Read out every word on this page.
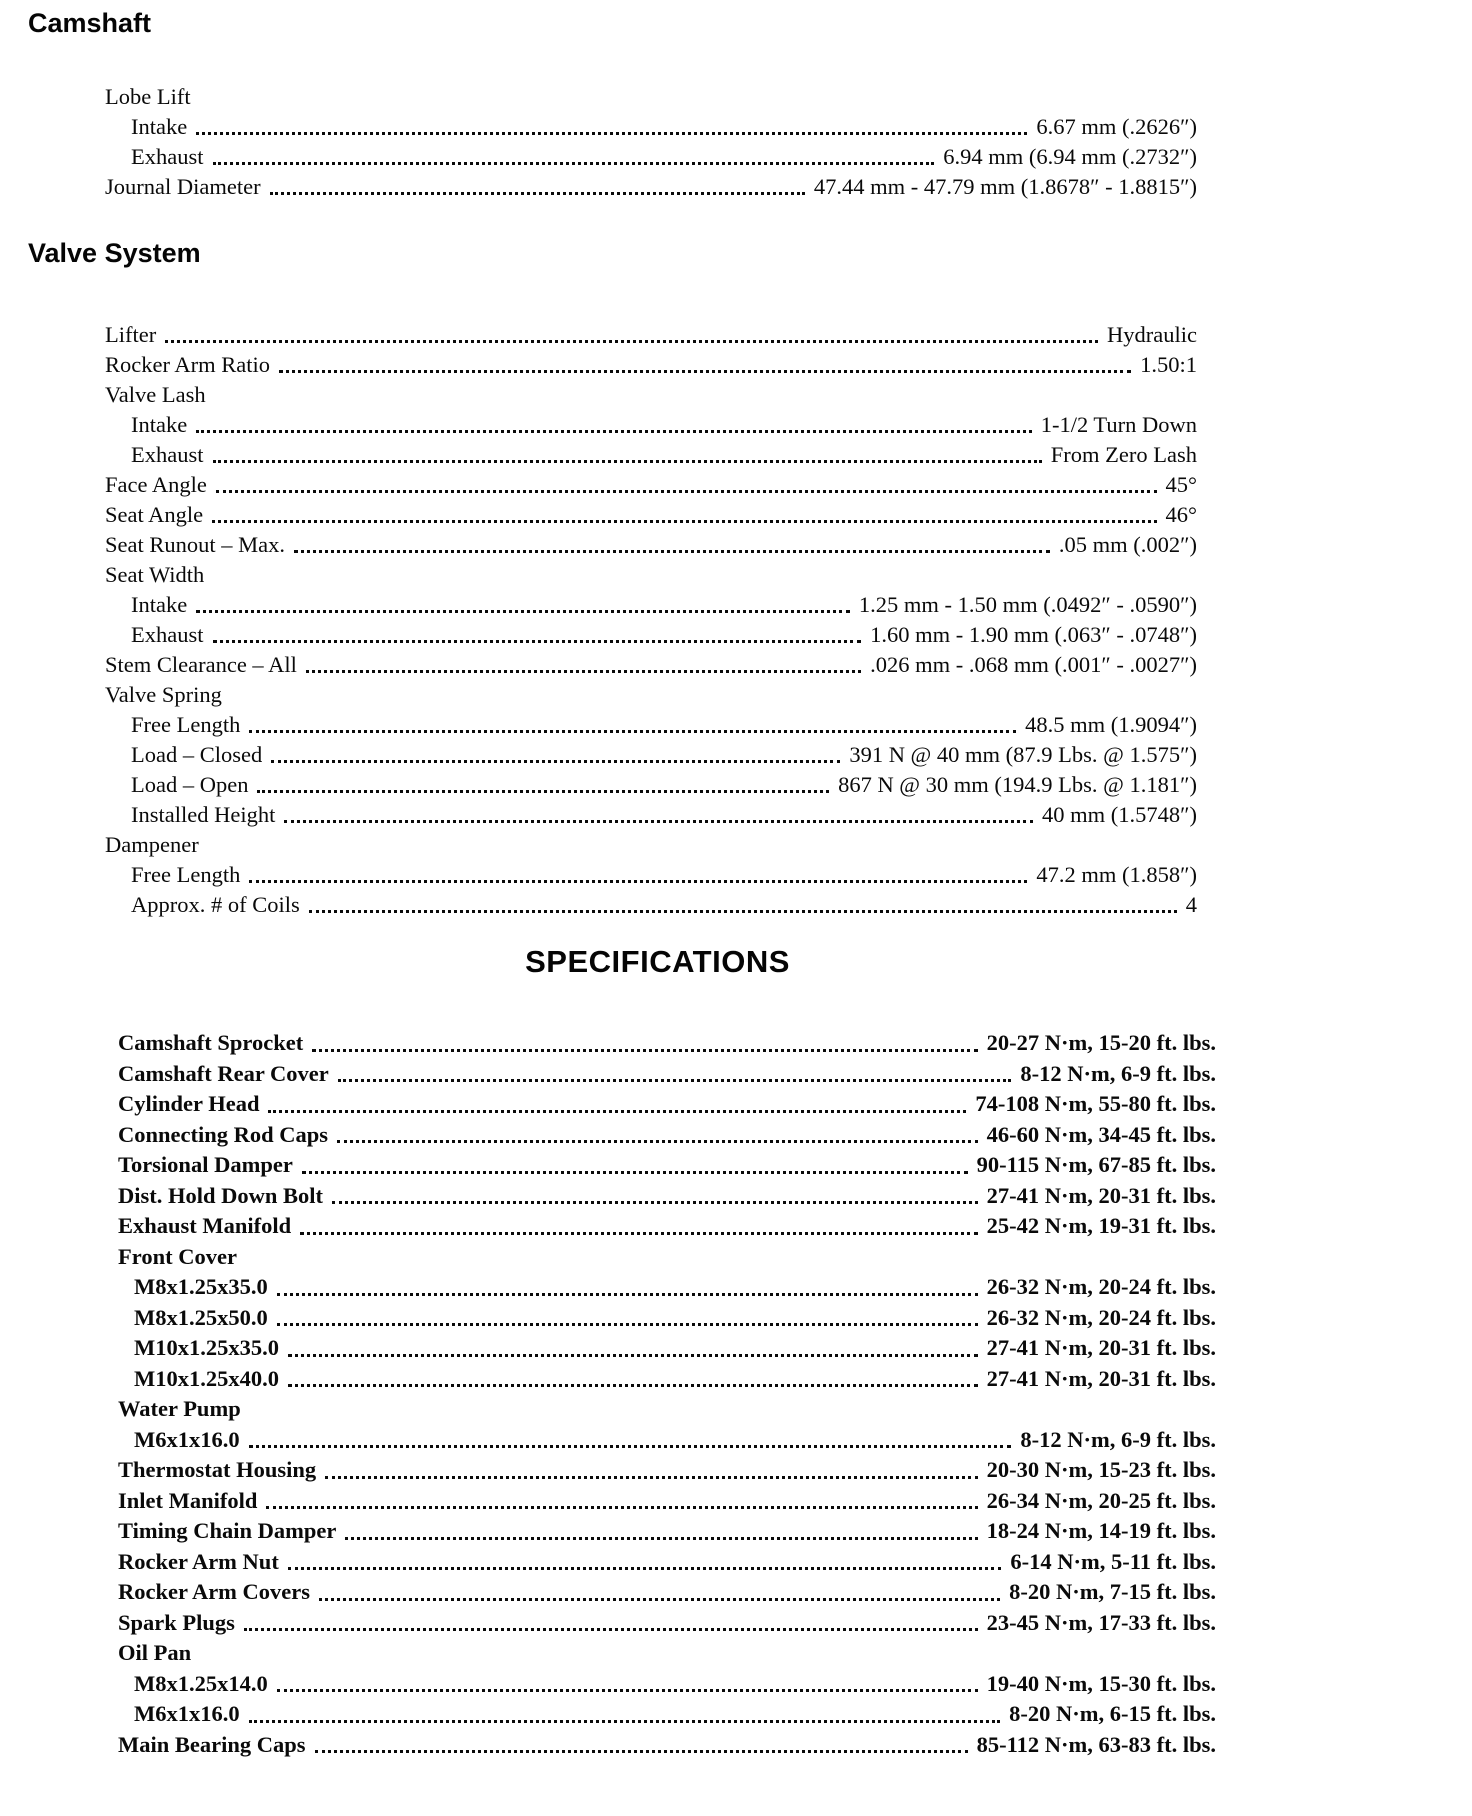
Camshaft
Lobe Lift
Intake	6.67 mm (.2626″)
Exhaust	6.94 mm (6.94 mm (.2732″)
Journal Diameter	47.44 mm - 47.79 mm (1.8678″ - 1.8815″)
Valve System
Lifter	Hydraulic
Rocker Arm Ratio	1.50:1
Valve Lash
Intake	1-1/2 Turn Down
Exhaust	From Zero Lash
Face Angle	45°
Seat Angle	46°
Seat Runout – Max.	.05 mm (.002″)
Seat Width
Intake	1.25 mm - 1.50 mm (.0492″ - .0590″)
Exhaust	1.60 mm - 1.90 mm (.063″ - .0748″)
Stem Clearance – All	.026 mm - .068 mm (.001″ - .0027″)
Valve Spring
Free Length	48.5 mm (1.9094″)
Load – Closed	391 N @ 40 mm (87.9 Lbs. @ 1.575″)
Load – Open	867 N @ 30 mm (194.9 Lbs. @ 1.181″)
Installed Height	40 mm (1.5748″)
Dampener
Free Length	47.2 mm (1.858″)
Approx. # of Coils	4
SPECIFICATIONS
Camshaft Sprocket	20-27 N·m, 15-20 ft. lbs.
Camshaft Rear Cover	8-12 N·m, 6-9 ft. lbs.
Cylinder Head	74-108 N·m, 55-80 ft. lbs.
Connecting Rod Caps	46-60 N·m, 34-45 ft. lbs.
Torsional Damper	90-115 N·m, 67-85 ft. lbs.
Dist. Hold Down Bolt	27-41 N·m, 20-31 ft. lbs.
Exhaust Manifold	25-42 N·m, 19-31 ft. lbs.
Front Cover
M8x1.25x35.0	26-32 N·m, 20-24 ft. lbs.
M8x1.25x50.0	26-32 N·m, 20-24 ft. lbs.
M10x1.25x35.0	27-41 N·m, 20-31 ft. lbs.
M10x1.25x40.0	27-41 N·m, 20-31 ft. lbs.
Water Pump
M6x1x16.0	8-12 N·m, 6-9 ft. lbs.
Thermostat Housing	20-30 N·m, 15-23 ft. lbs.
Inlet Manifold	26-34 N·m, 20-25 ft. lbs.
Timing Chain Damper	18-24 N·m, 14-19 ft. lbs.
Rocker Arm Nut	6-14 N·m, 5-11 ft. lbs.
Rocker Arm Covers	8-20 N·m, 7-15 ft. lbs.
Spark Plugs	23-45 N·m, 17-33 ft. lbs.
Oil Pan
M8x1.25x14.0	19-40 N·m, 15-30 ft. lbs.
M6x1x16.0	8-20 N·m, 6-15 ft. lbs.
Main Bearing Caps	85-112 N·m, 63-83 ft. lbs.
